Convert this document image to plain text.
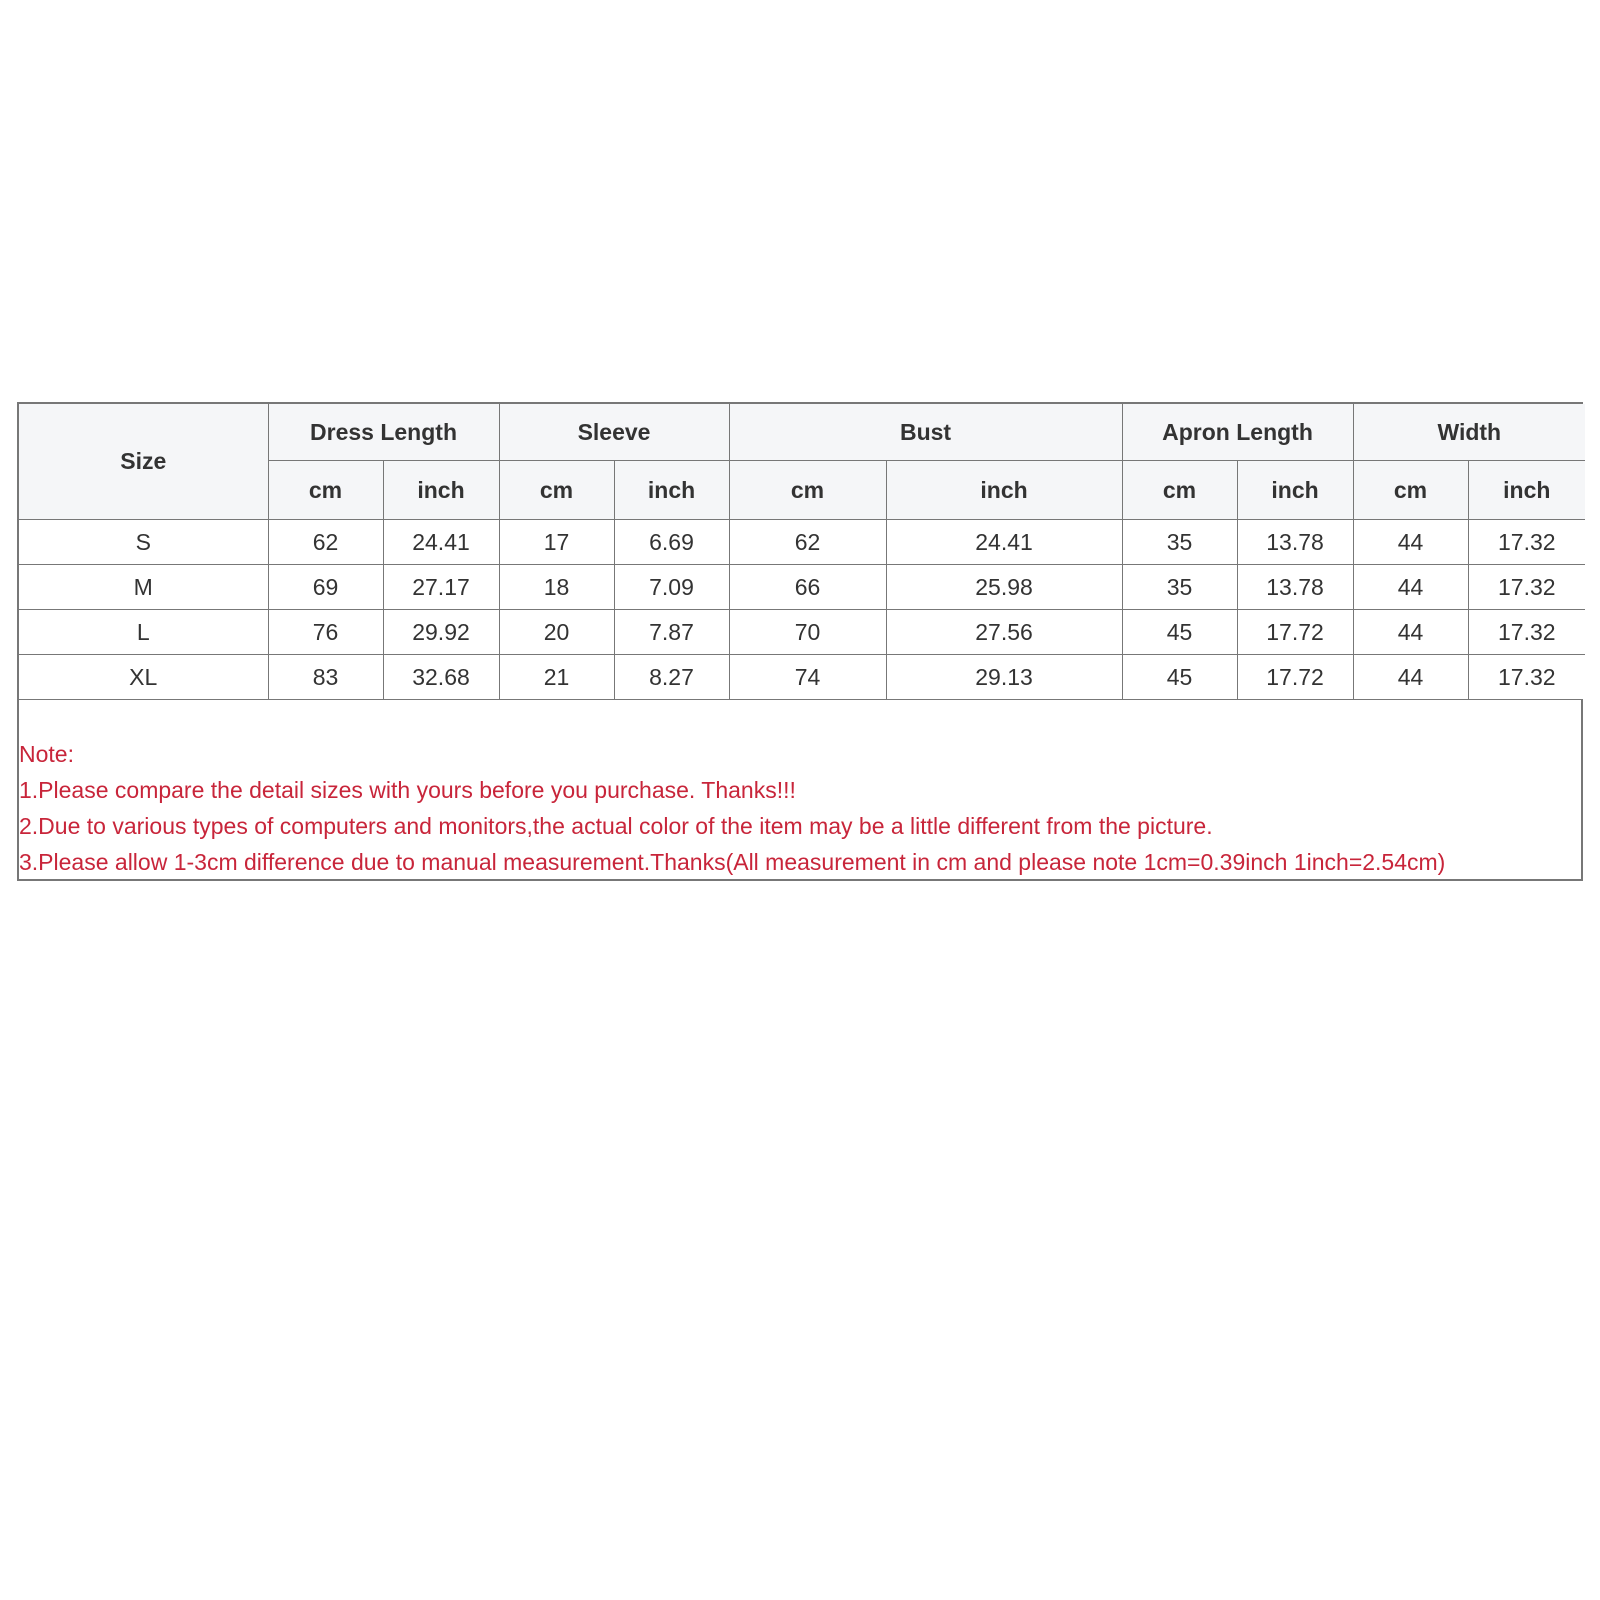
Size	Dress Length		Sleeve		Bust		Apron Length		Width	
	cm	inch	cm	inch	cm	inch	cm	inch	cm	inch
S	62	24.41	17	6.69	62	24.41	35	13.78	44	17.32
M	69	27.17	18	7.09	66	25.98	35	13.78	44	17.32
L	76	29.92	20	7.87	70	27.56	45	17.72	44	17.32
XL	83	32.68	21	8.27	74	29.13	45	17.72	44	17.32

Note:

1.Please compare the detail sizes with yours before you purchase. Thanks!!!

2.Due to various types of computers and monitors,the actual color of the item may be a little different from the picture.

3.Please allow 1-3cm difference due to manual measurement.Thanks(All measurement in cm and please note 1cm=0.39inch 1inch=2.54cm)
